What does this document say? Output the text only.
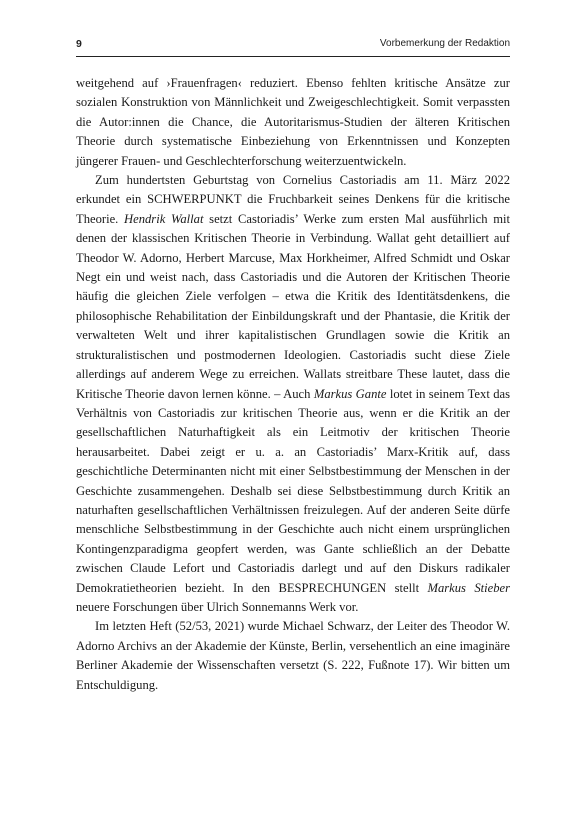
9	Vorbemerkung der Redaktion

weitgehend auf ›Frauenfragen‹ reduziert. Ebenso fehlten kritische Ansätze zur sozialen Konstruktion von Männlichkeit und Zweigeschlechtigkeit. Somit verpassten die Autor:innen die Chance, die Autoritarismus-Studien der älteren Kritischen Theorie durch systematische Einbeziehung von Erkenntnissen und Konzepten jüngerer Frauen- und Geschlechterforschung weiterzuentwickeln.

Zum hundertsten Geburtstag von Cornelius Castoriadis am 11. März 2022 erkundet ein SCHWERPUNKT die Fruchbarkeit seines Denkens für die kritische Theorie. Hendrik Wallat setzt Castoriadis’ Werke zum ersten Mal ausführlich mit denen der klassischen Kritischen Theorie in Verbindung. Wallat geht detailliert auf Theodor W. Adorno, Herbert Marcuse, Max Horkheimer, Alfred Schmidt und Oskar Negt ein und weist nach, dass Castoriadis und die Autoren der Kritischen Theorie häufig die gleichen Ziele verfolgen – etwa die Kritik des Identitätsdenkens, die philosophische Rehabilitation der Einbildungskraft und der Phantasie, die Kritik der verwalteten Welt und ihrer kapitalistischen Grundlagen sowie die Kritik an strukturalistischen und postmodernen Ideologien. Castoriadis sucht diese Ziele allerdings auf anderem Wege zu erreichen. Wallats streitbare These lautet, dass die Kritische Theorie davon lernen könne. – Auch Markus Gante lotet in seinem Text das Verhältnis von Castoriadis zur kritischen Theorie aus, wenn er die Kritik an der gesellschaftlichen Naturhaftigkeit als ein Leitmotiv der kritischen Theorie herausarbeitet. Dabei zeigt er u. a. an Castoriadis’ Marx-Kritik auf, dass geschichtliche Determinanten nicht mit einer Selbstbestimmung der Menschen in der Geschichte zusammengehen. Deshalb sei diese Selbstbestimmung durch Kritik an naturhaften gesellschaftlichen Verhältnissen freizulegen. Auf der anderen Seite dürfe menschliche Selbstbestimmung in der Geschichte auch nicht einem ursprünglichen Kontingenzparadigma geopfert werden, was Gante schließlich an der Debatte zwischen Claude Lefort und Castoriadis darlegt und auf den Diskurs radikaler Demokratietheorien bezieht. In den BESPRECHUNGEN stellt Markus Stieber neuere Forschungen über Ulrich Sonnemanns Werk vor.

Im letzten Heft (52/53, 2021) wurde Michael Schwarz, der Leiter des Theodor W. Adorno Archivs an der Akademie der Künste, Berlin, versehentlich an eine imaginäre Berliner Akademie der Wissenschaften versetzt (S. 222, Fußnote 17). Wir bitten um Entschuldigung.
